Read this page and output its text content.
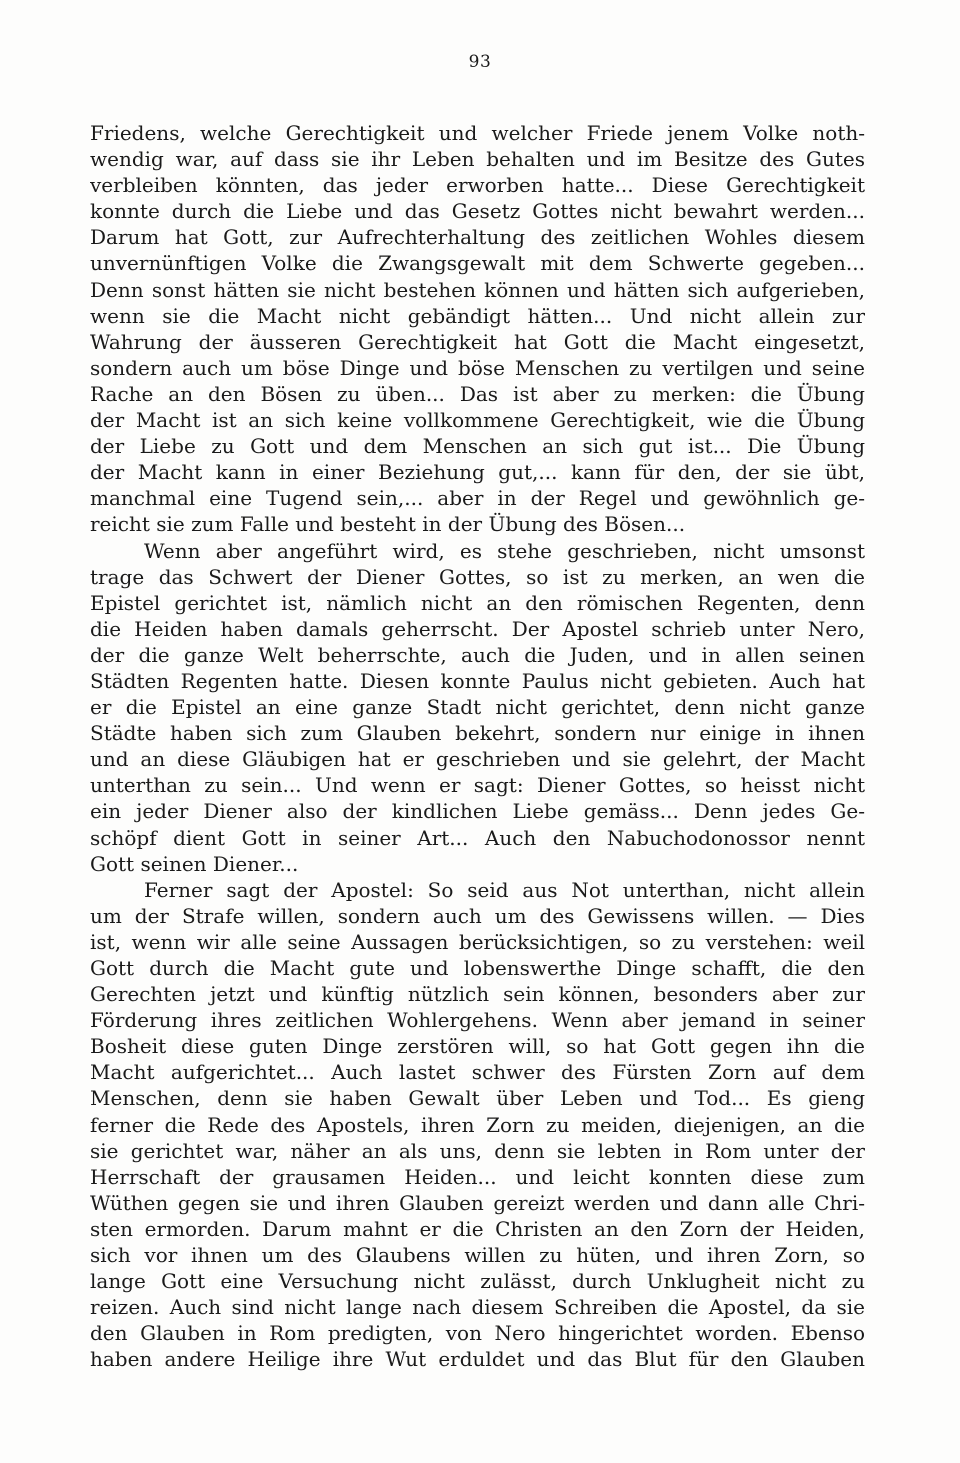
93
Friedens, welche Gerechtigkeit und welcher Friede jenem Volke noth-
wendig war, auf dass sie ihr Leben behalten und im Besitze des Gutes
verbleiben könnten, das jeder erworben hatte... Diese Gerechtigkeit
konnte durch die Liebe und das Gesetz Gottes nicht bewahrt werden...
Darum hat Gott, zur Aufrechterhaltung des zeitlichen Wohles diesem
unvernünftigen Volke die Zwangsgewalt mit dem Schwerte gegeben...
Denn sonst hätten sie nicht bestehen können und hätten sich aufgerieben,
wenn sie die Macht nicht gebändigt hätten... Und nicht allein zur
Wahrung der äusseren Gerechtigkeit hat Gott die Macht eingesetzt,
sondern auch um böse Dinge und böse Menschen zu vertilgen und seine
Rache an den Bösen zu üben... Das ist aber zu merken: die Übung
der Macht ist an sich keine vollkommene Gerechtigkeit, wie die Übung
der Liebe zu Gott und dem Menschen an sich gut ist... Die Übung
der Macht kann in einer Beziehung gut,... kann für den, der sie übt,
manchmal eine Tugend sein,... aber in der Regel und gewöhnlich ge-
reicht sie zum Falle und besteht in der Übung des Bösen...
Wenn aber angeführt wird, es stehe geschrieben, nicht umsonst
trage das Schwert der Diener Gottes, so ist zu merken, an wen die
Epistel gerichtet ist, nämlich nicht an den römischen Regenten, denn
die Heiden haben damals geherrscht. Der Apostel schrieb unter Nero,
der die ganze Welt beherrschte, auch die Juden, und in allen seinen
Städten Regenten hatte. Diesen konnte Paulus nicht gebieten. Auch hat
er die Epistel an eine ganze Stadt nicht gerichtet, denn nicht ganze
Städte haben sich zum Glauben bekehrt, sondern nur einige in ihnen
und an diese Gläubigen hat er geschrieben und sie gelehrt, der Macht
unterthan zu sein... Und wenn er sagt: Diener Gottes, so heisst nicht
ein jeder Diener also der kindlichen Liebe gemäss... Denn jedes Ge-
schöpf dient Gott in seiner Art... Auch den Nabuchodonossor nennt
Gott seinen Diener...
Ferner sagt der Apostel: So seid aus Not unterthan, nicht allein
um der Strafe willen, sondern auch um des Gewissens willen. — Dies
ist, wenn wir alle seine Aussagen berücksichtigen, so zu verstehen: weil
Gott durch die Macht gute und lobenswerthe Dinge schafft, die den
Gerechten jetzt und künftig nützlich sein können, besonders aber zur
Förderung ihres zeitlichen Wohlergehens. Wenn aber jemand in seiner
Bosheit diese guten Dinge zerstören will, so hat Gott gegen ihn die
Macht aufgerichtet... Auch lastet schwer des Fürsten Zorn auf dem
Menschen, denn sie haben Gewalt über Leben und Tod... Es gieng
ferner die Rede des Apostels, ihren Zorn zu meiden, diejenigen, an die
sie gerichtet war, näher an als uns, denn sie lebten in Rom unter der
Herrschaft der grausamen Heiden... und leicht konnten diese zum
Wüthen gegen sie und ihren Glauben gereizt werden und dann alle Chri-
sten ermorden. Darum mahnt er die Christen an den Zorn der Heiden,
sich vor ihnen um des Glaubens willen zu hüten, und ihren Zorn, so
lange Gott eine Versuchung nicht zulässt, durch Unklugheit nicht zu
reizen. Auch sind nicht lange nach diesem Schreiben die Apostel, da sie
den Glauben in Rom predigten, von Nero hingerichtet worden. Ebenso
haben andere Heilige ihre Wut erduldet und das Blut für den Glauben
